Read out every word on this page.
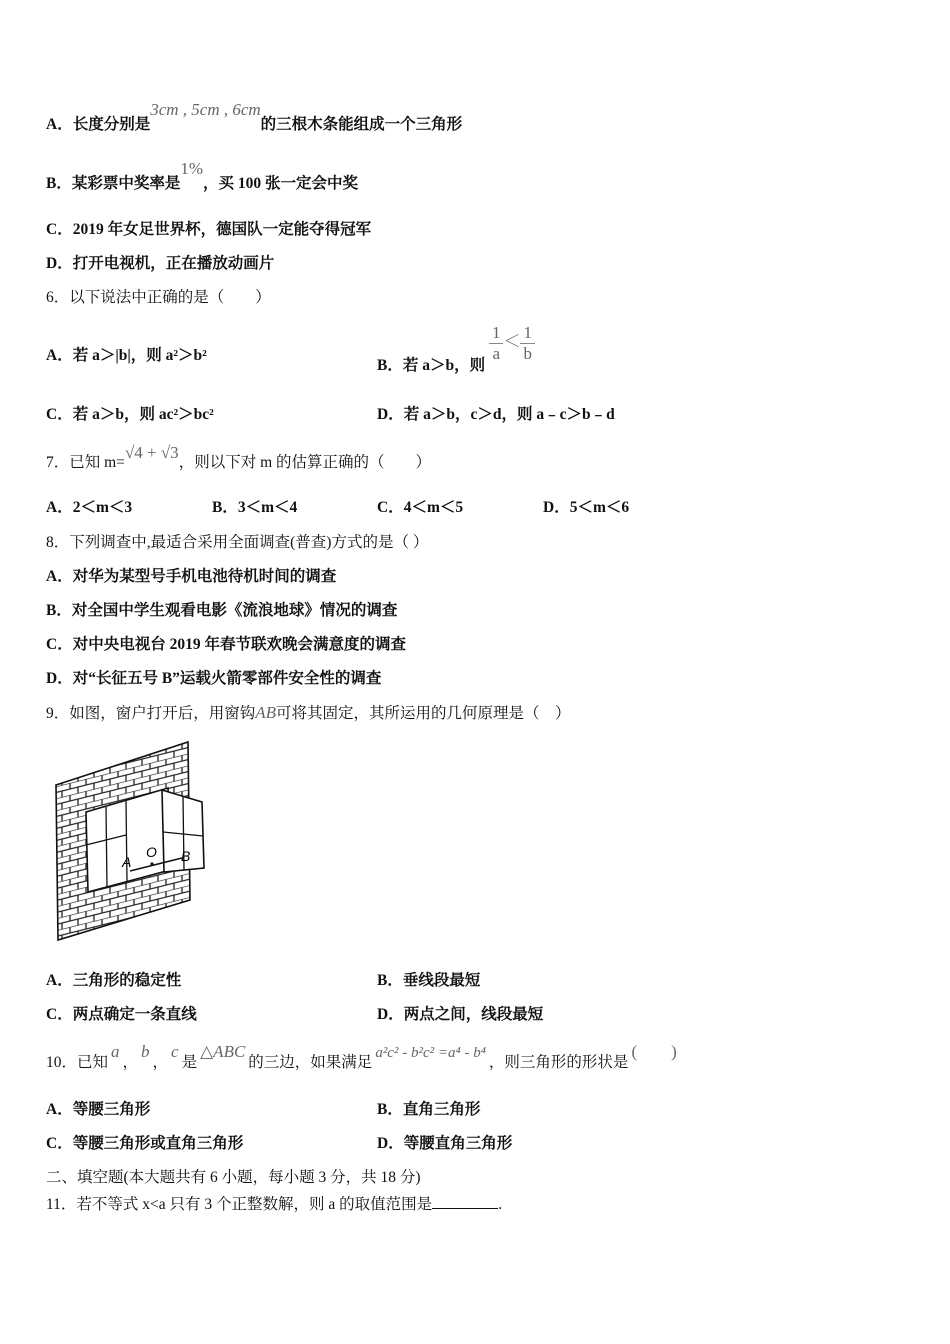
A．长度分别是3cm , 5cm , 6cm的三根木条能组成一个三角形
B．某彩票中奖率是1%，买 100 张一定会中奖
C．2019 年女足世界杯，德国队一定能夺得冠军
D．打开电视机，正在播放动画片
6．以下说法中正确的是（　　）
A．若 a＞|b|，则 a²＞b²
B．若 a＞b，则
$\frac{1}{a} < \frac{1}{b}$
C．若 a＞b，则 ac²＞bc²	D．若 a＞b，c＞d，则 a﹣c＞b﹣d
7．已知 m=√4 + √3，则以下对 m 的估算正确的（　　）
A．2＜m＜3	B．3＜m＜4	C．4＜m＜5	D．5＜m＜6
8．下列调查中,最适合采用全面调查(普查)方式的是（ ）
A．对华为某型号手机电池待机时间的调查
B．对全国中学生观看电影《流浪地球》情况的调查
C．对中央电视台 2019 年春节联欢晚会满意度的调查
D．对“长征五号 B”运载火箭零部件安全性的调查
9．如图，窗户打开后，用窗钩AB可将其固定，其所运用的几何原理是（　）
A
O B
A．三角形的稳定性	B．垂线段最短
C．两点确定一条直线	D．两点之间，线段最短
10．已知a，b，c是△ABC的三边，如果满足a²c² - b²c² =a⁴ - b⁴，则三角形的形状是(　　)
A．等腰三角形	B．直角三角形
C．等腰三角形或直角三角形	D．等腰直角三角形
二、填空题(本大题共有 6 小题，每小题 3 分，共 18 分)
11．若不等式 x<a 只有 3 个正整数解，则 a 的取值范围是	.
